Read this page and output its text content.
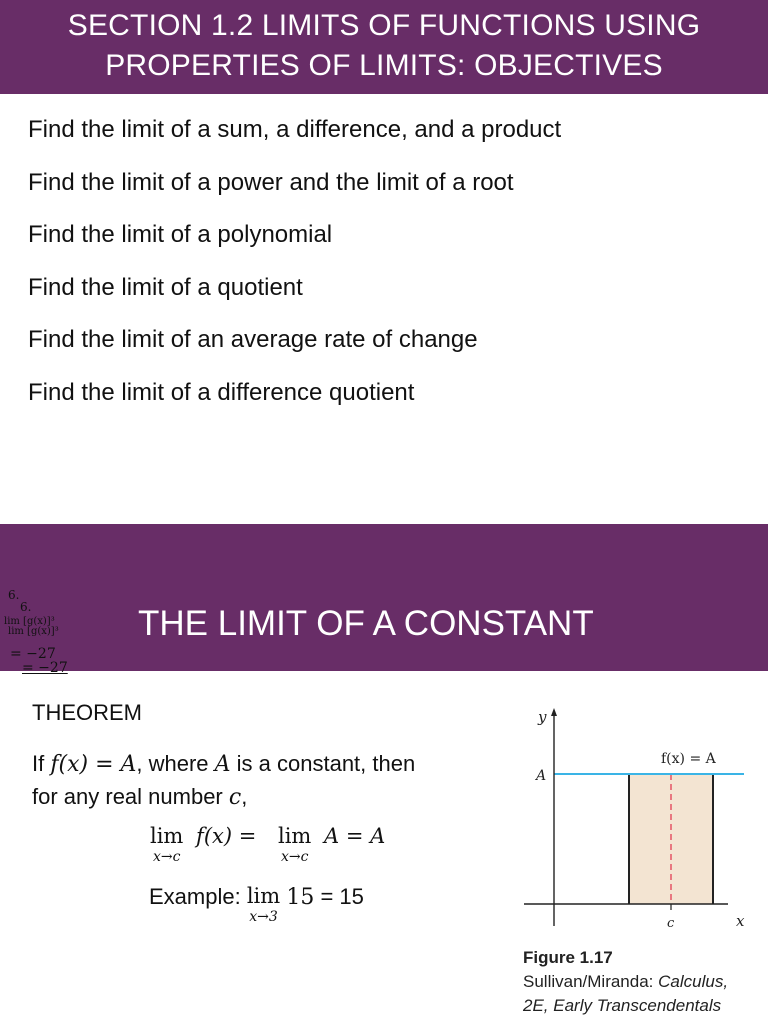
SECTION 1.2 LIMITS OF FUNCTIONS USING
PROPERTIES OF LIMITS: OBJECTIVES
Find the limit of a sum, a difference, and a product
Find the limit of a power and the limit of a root
Find the limit of a polynomial
Find the limit of a quotient
Find the limit of an average rate of change
Find the limit of a difference quotient
THE LIMIT OF A CONSTANT
6.
6.
lim [g(x)]³
lim [g(x)]³
= −27
= −27
THEOREM
If f(x) = A, where A is a constant, then
for any real number c,
lim
x→c
f(x) = lim
x→c
A = A
Example: lim
x→3
15 = 15
y
x
A
c
f(x) = A
Figure 1.17
Sullivan/Miranda: Calculus,
2E, Early Transcendentals
